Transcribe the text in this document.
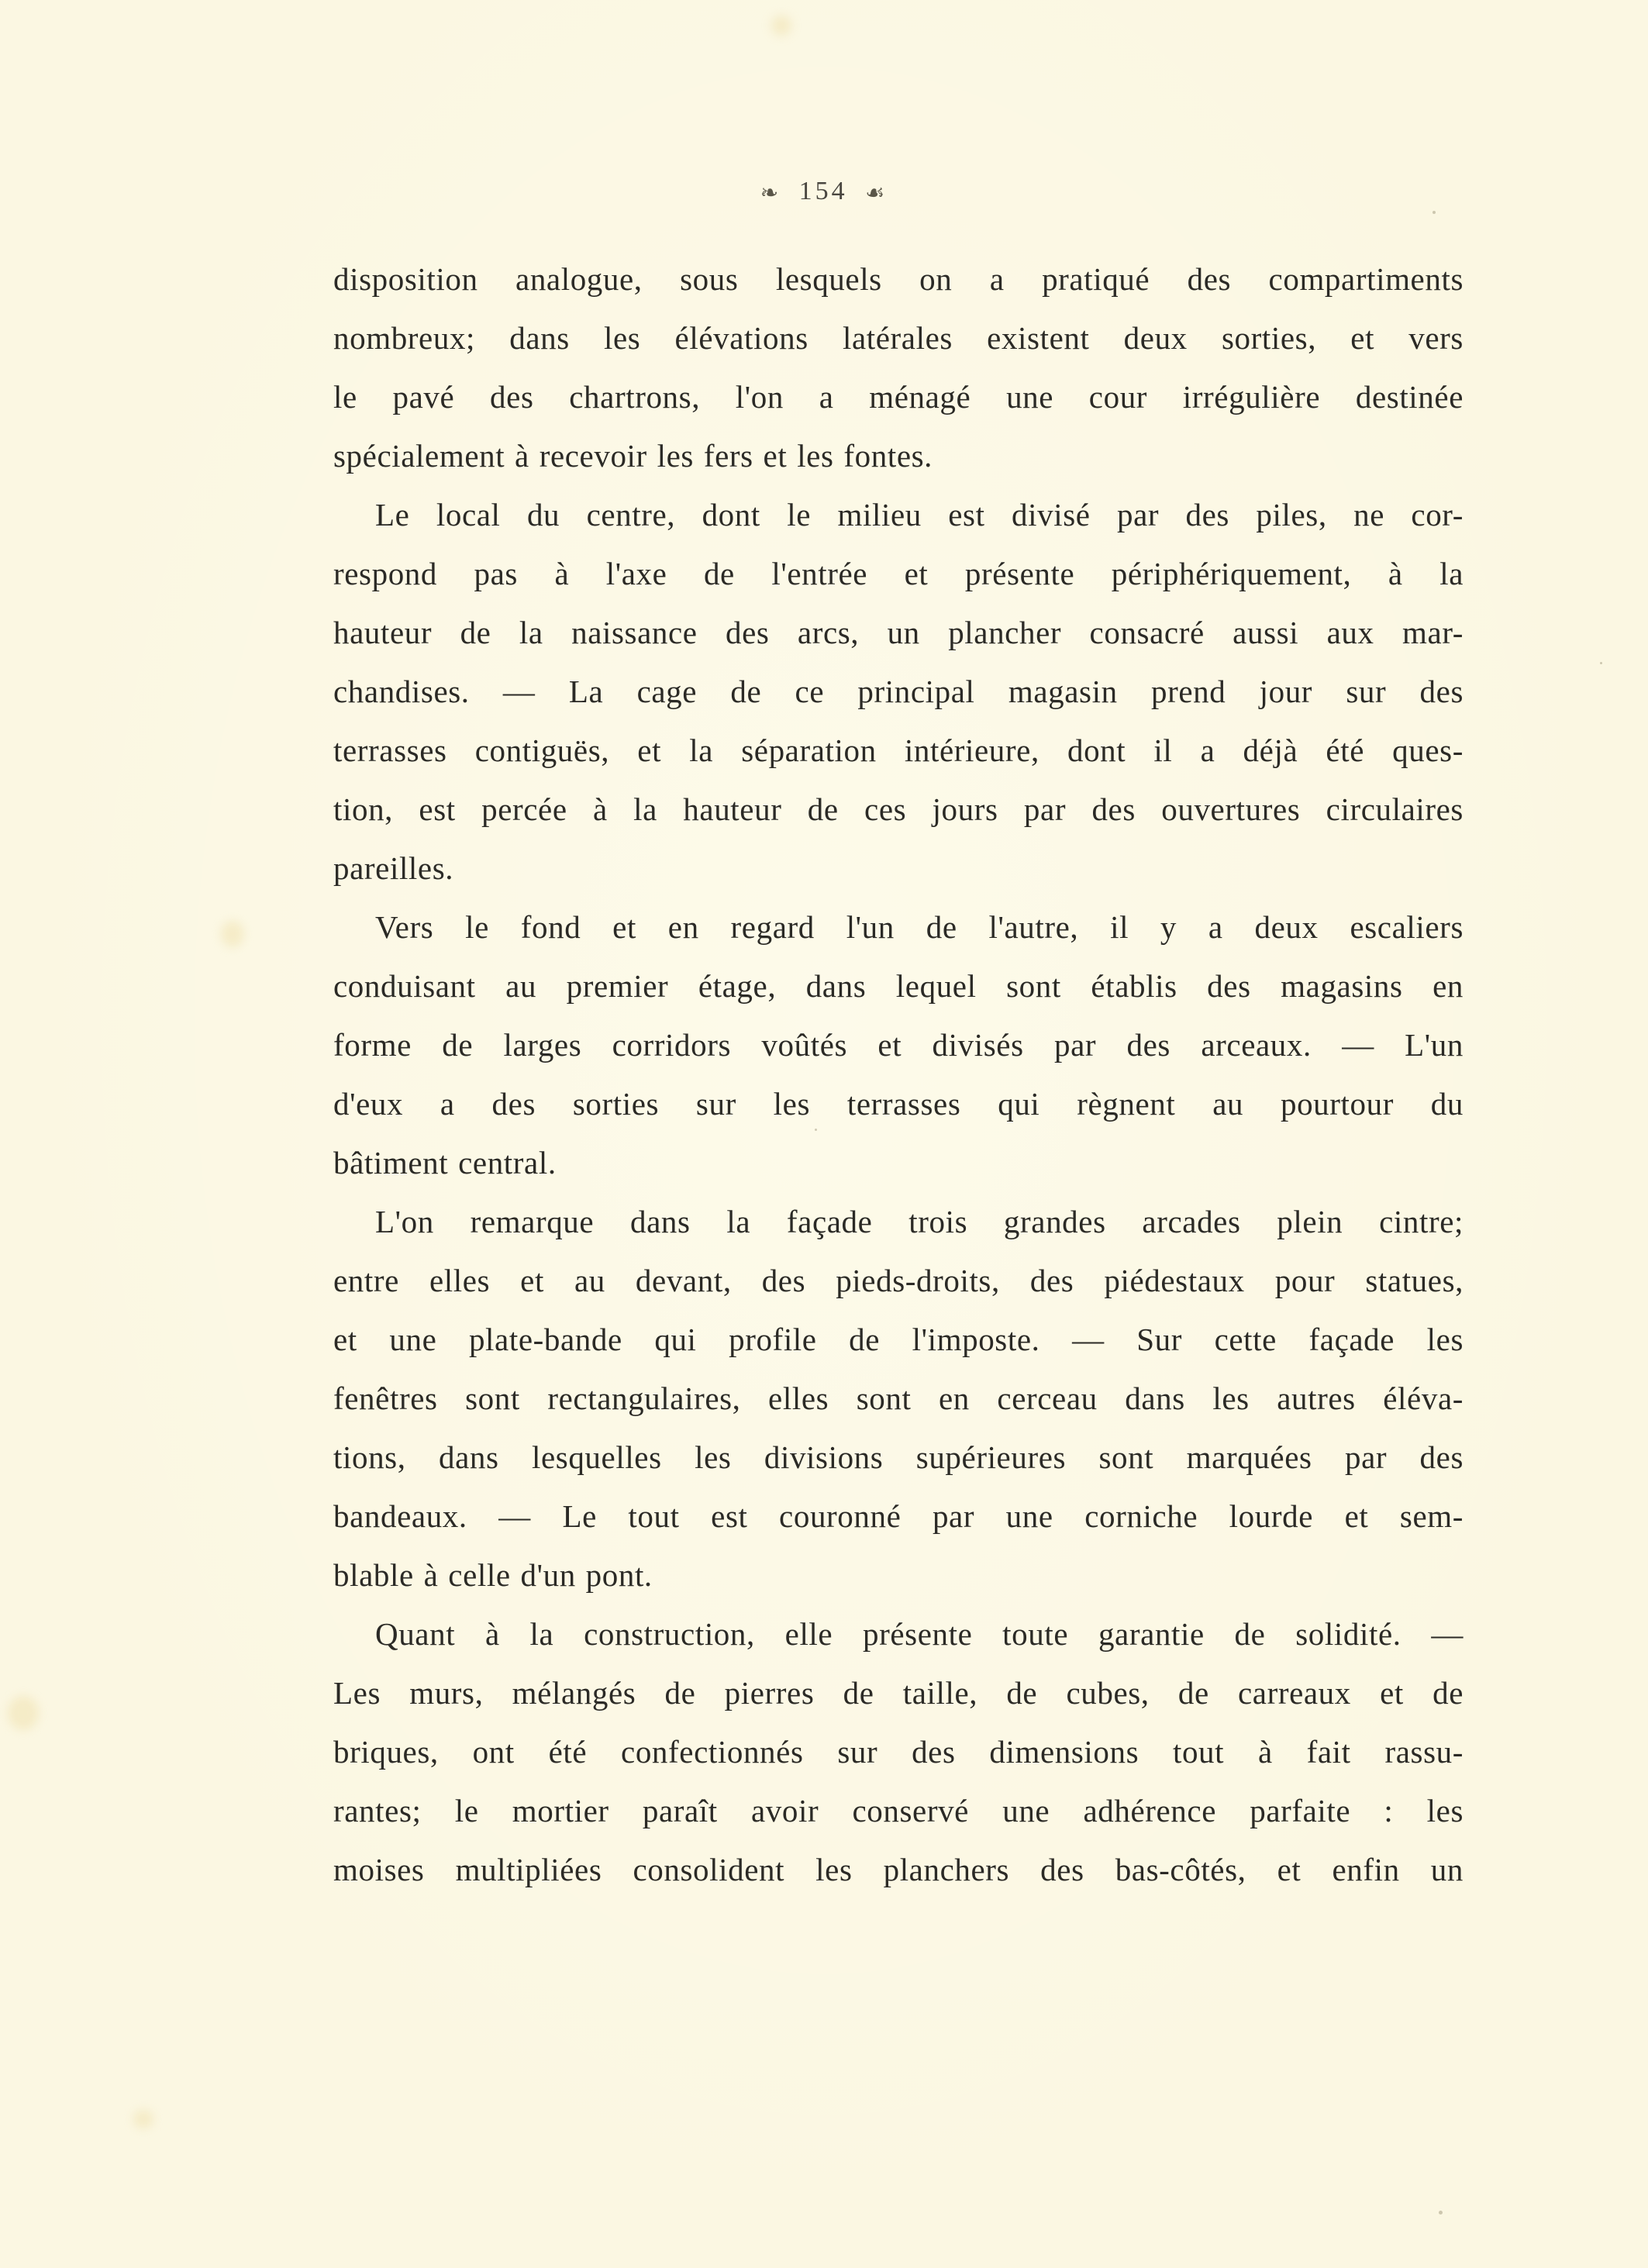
❧ 154 ☙

disposition analogue, sous lesquels on a pratiqué des compartiments

nombreux; dans les élévations latérales existent deux sorties, et vers

le pavé des chartrons, l'on a ménagé une cour irrégulière destinée

spécialement à recevoir les fers et les fontes.

Le local du centre, dont le milieu est divisé par des piles, ne cor-

respond pas à l'axe de l'entrée et présente périphériquement, à la

hauteur de la naissance des arcs, un plancher consacré aussi aux mar-

chandises. — La cage de ce principal magasin prend jour sur des

terrasses contiguës, et la séparation intérieure, dont il a déjà été ques-

tion, est percée à la hauteur de ces jours par des ouvertures circulaires

pareilles.

Vers le fond et en regard l'un de l'autre, il y a deux escaliers

conduisant au premier étage, dans lequel sont établis des magasins en

forme de larges corridors voûtés et divisés par des arceaux. — L'un

d'eux a des sorties sur les terrasses qui règnent au pourtour du

bâtiment central.

L'on remarque dans la façade trois grandes arcades plein cintre;

entre elles et au devant, des pieds-droits, des piédestaux pour statues,

et une plate-bande qui profile de l'imposte. — Sur cette façade les

fenêtres sont rectangulaires, elles sont en cerceau dans les autres éléva-

tions, dans lesquelles les divisions supérieures sont marquées par des

bandeaux. — Le tout est couronné par une corniche lourde et sem-

blable à celle d'un pont.

Quant à la construction, elle présente toute garantie de solidité. —

Les murs, mélangés de pierres de taille, de cubes, de carreaux et de

briques, ont été confectionnés sur des dimensions tout à fait rassu-

rantes; le mortier paraît avoir conservé une adhérence parfaite : les

moises multipliées consolident les planchers des bas-côtés, et enfin un
